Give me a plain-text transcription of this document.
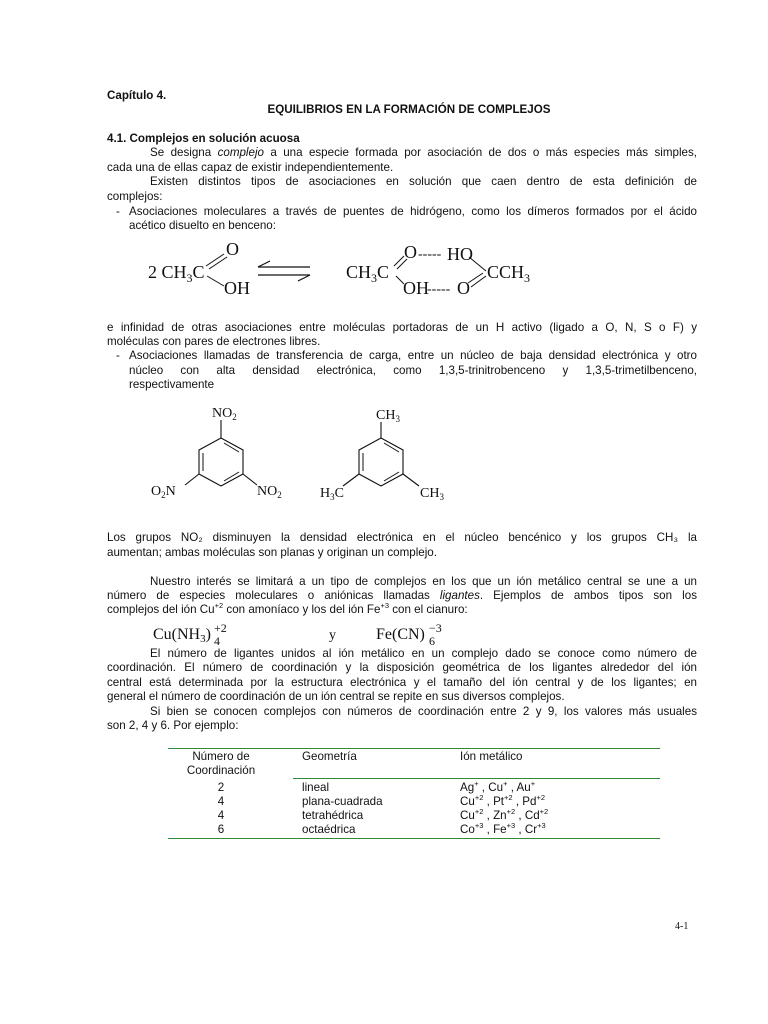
Capítulo 4.
EQUILIBRIOS EN LA FORMACIÓN DE COMPLEJOS
4.1. Complejos en solución acuosa
Se designa complejo a una especie formada por asociación de dos o más especies más simples,
cada una de ellas capaz de existir independientemente.
Existen distintos tipos de asociaciones en solución que caen dentro de esta definición de
complejos:
- Asociaciones moleculares a través de puentes de hidrógeno, como los dímeros formados por el ácido
acético disuelto en benceno:
2 $CH_3C$
O
OH
$CH_3C$
O ----- HO
OH
----- O
$CCH_3$
e infinidad de otras asociaciones entre moléculas portadoras de un H activo (ligado a O, N, S o F) y
moléculas con pares de electrones libres.
- Asociaciones llamadas de transferencia de carga, entre un núcleo de baja densidad electrónica y otro
núcleo con alta densidad electrónica, como 1,3,5-trinitrobenceno y 1,3,5-trimetilbenceno,
respectivamente
$NO_2$
$O_2N$	$NO_2$
$CH_3$
$H_3C$	$CH_3$
Los grupos NO₂ disminuyen la densidad electrónica en el núcleo bencénico y los grupos CH₃ la
aumentan; ambas moléculas son planas y originan un complejo.
Nuestro interés se limitará a un tipo de complejos en los que un ión metálico central se une a un
número de especies moleculares o aniónicas llamadas ligantes. Ejemplos de ambos tipos son los
complejos del ión $Cu^{+2}$ con amoníaco y los del ión $Fe^{+3}$ con el cianuro:
Cu(NH3) +2
4	y	Fe(CN) −3
6
El número de ligantes unidos al ión metálico en un complejo dado se conoce como número de
coordinación. El número de coordinación y la disposición geométrica de los ligantes alrededor del ión
central está determinada por la estructura electrónica y el tamaño del ión central y de los ligantes; en
general el número de coordinación de un ión central se repite en sus diversos complejos.
Si bien se conocen complejos con números de coordinación entre 2 y 9, los valores más usuales
son 2, 4 y 6. Por ejemplo:
Número de
Coordinación
Geometría	Ión metálico
2	lineal	Ag+ , Cu+ , Au+
4	plana-cuadrada	$Cu^{+2}$ , $Pt^{+2}$ , $Pd^{+2}$
4	tetrahédrica	$Cu^{+2}$ , $Zn^{+2}$ , $Cd^{+2}$
6	octaédrica	$Co^{+3}$ , $Fe^{+3}$ , $Cr^{+3}$
4-1
